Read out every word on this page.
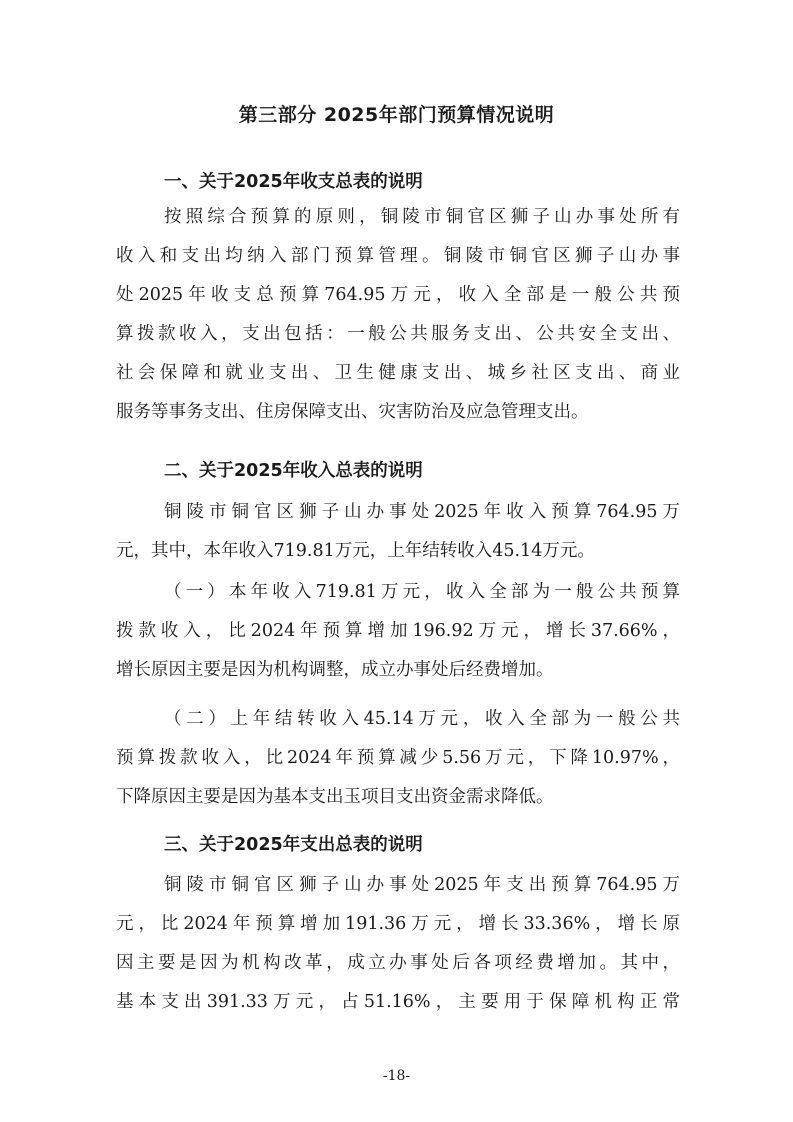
第三部分 2025年部门预算情况说明
一、关于2025年收支总表的说明
按照综合预算的原则，铜陵市铜官区狮子山办事处所有
收入和支出均纳入部门预算管理。铜陵市铜官区狮子山办事
处2025年收支总预算764.95万元，收入全部是一般公共预
算拨款收入，支出包括：一般公共服务支出、公共安全支出、
社会保障和就业支出、卫生健康支出、城乡社区支出、商业
服务等事务支出、住房保障支出、灾害防治及应急管理支出。
二、关于2025年收入总表的说明
铜陵市铜官区狮子山办事处2025年收入预算764.95万
元，其中，本年收入719.81万元，上年结转收入45.14万元。
（一）本年收入719.81万元，收入全部为一般公共预算
拨款收入，比2024年预算增加196.92万元，增长37.66%，
增长原因主要是因为机构调整，成立办事处后经费增加。
（二）上年结转收入45.14万元，收入全部为一般公共
预算拨款收入，比2024年预算减少5.56万元，下降10.97%，
下降原因主要是因为基本支出玉项目支出资金需求降低。
三、关于2025年支出总表的说明
铜陵市铜官区狮子山办事处2025年支出预算764.95万
元，比2024年预算增加191.36万元，增长33.36%，增长原
因主要是因为机构改革，成立办事处后各项经费增加。其中，
基本支出391.33万元，占51.16%，主要用于保障机构正常
-18-
